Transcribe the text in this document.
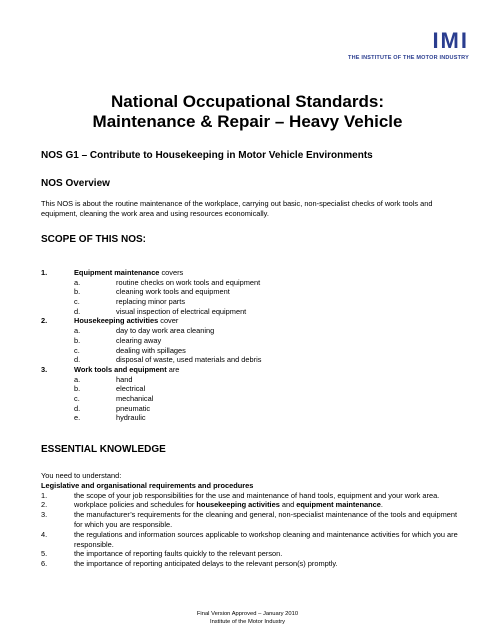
IMI
THE INSTITUTE OF THE MOTOR INDUSTRY
National Occupational Standards:
Maintenance & Repair – Heavy Vehicle
NOS G1 – Contribute to Housekeeping in Motor Vehicle Environments
NOS Overview
This NOS is about the routine maintenance of the workplace, carrying out basic, non-specialist checks of work tools and equipment, cleaning the work area and using resources economically.
SCOPE OF THIS NOS:
1.	Equipment maintenance covers
a.	routine checks on work tools and equipment
b.	cleaning work tools and equipment
c.	replacing minor parts
d.	visual inspection of electrical equipment
2.	Housekeeping activities cover
a.	day to day work area cleaning
b.	clearing away
c.	dealing with spillages
d.	disposal of waste, used materials and debris
3.	Work tools and equipment are
a.	hand
b.	electrical
c.	mechanical
d.	pneumatic
e.	hydraulic
ESSENTIAL KNOWLEDGE
You need to understand:
Legislative and organisational requirements and procedures
1.	the scope of your job responsibilities for the use and maintenance of hand tools, equipment and your work area.
2.	workplace policies and schedules for housekeeping activities and equipment maintenance.
3.	the manufacturer’s requirements for the cleaning and general, non-specialist maintenance of the tools and equipment for which you are responsible.
4.	the regulations and information sources applicable to workshop cleaning and maintenance activities for which you are responsible.
5.	the importance of reporting faults quickly to the relevant person.
6.	the importance of reporting anticipated delays to the relevant person(s) promptly.
Final Version Approved – January 2010
Institute of the Motor Industry
